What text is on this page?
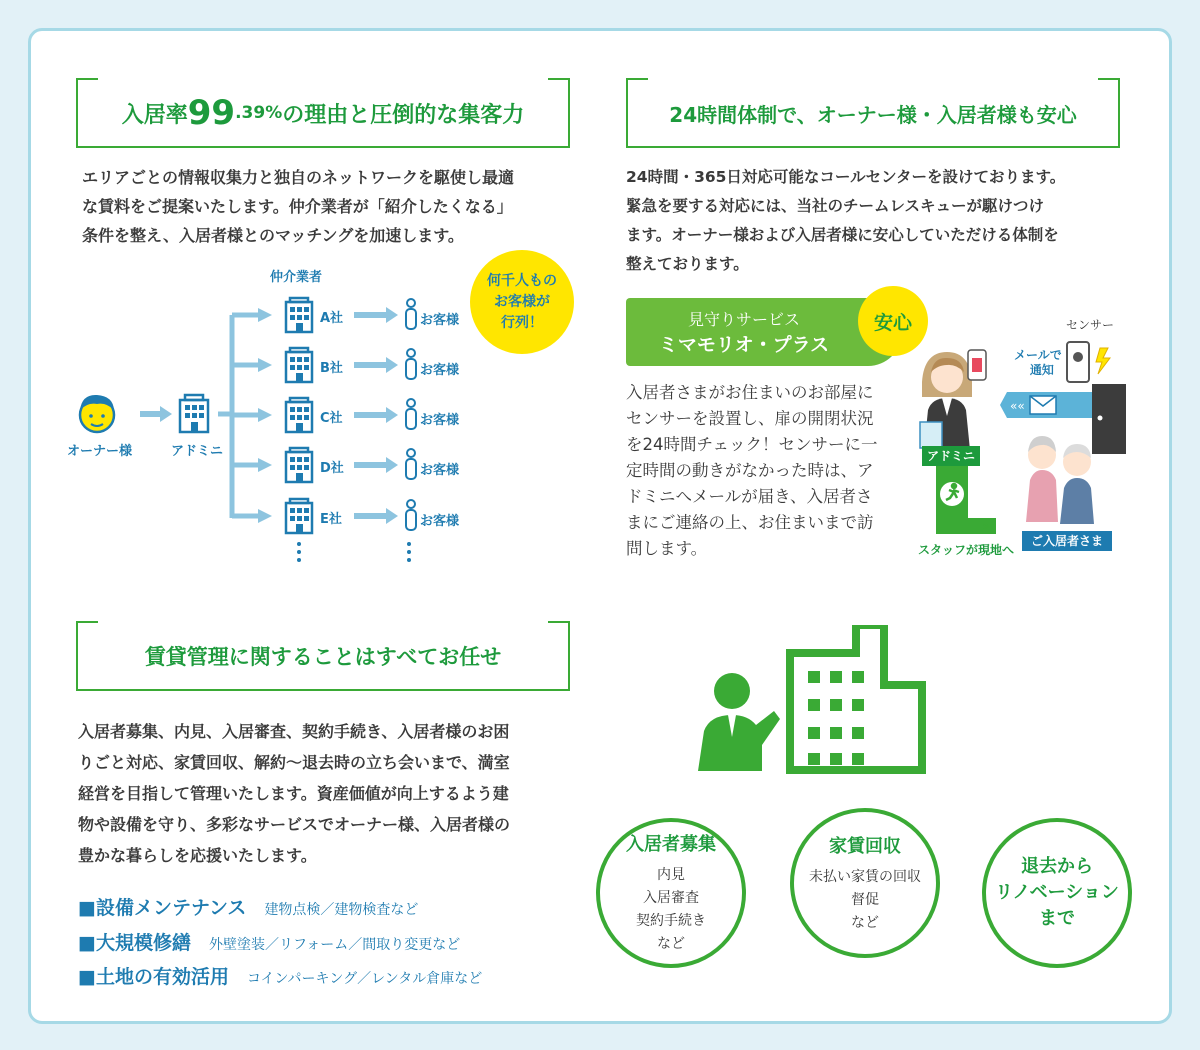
入居率 99 .39% の理由と圧倒的な集客力
エリアごとの情報収集力と独自のネットワークを駆使し最適
な賃料をご提案いたします。仲介業者が「紹介したくなる」
条件を整え、入居者様とのマッチングを加速します。
仲介業者
オーナー様	アドミニ
A社
B社
C社
D社
E社
お客様
お客様
お客様
お客様
お客様
何千人もの
お客様が
行列！
24時間体制で、オーナー様・入居者様も安心
24時間・365日対応可能なコールセンターを設けております。
緊急を要する対応には、当社のチームレスキューが駆けつけ
ます。オーナー様および入居者様に安心していただける体制を
整えております。
見守りサービス
ミマモリオ・プラス
安心
入居者さまがお住まいのお部屋に
センサーを設置し、扉の開閉状況
を24時間チェック！センサーに一
定時間の動きがなかった時は、ア
ドミニへメールが届き、入居者さ
まにご連絡の上、お住まいまで訪
問します。
««
»
センサー
メールで
通知
アドミニ
スタッフが現地へ
ご入居者さま
賃貸管理に関することはすべてお任せ
入居者募集、内見、入居審査、契約手続き、入居者様のお困
りごと対応、家賃回収、解約〜退去時の立ち会いまで、満室
経営を目指して管理いたします。資産価値が向上するよう建
物や設備を守り、多彩なサービスでオーナー様、入居者様の
豊かな暮らしを応援いたします。
■設備メンテナンス 建物点検／建物検査など
■大規模修繕 外壁塗装／リフォーム／間取り変更など
■土地の有効活用 コインパーキング／レンタル倉庫など
入居者募集
内見
入居審査
契約手続き
など
家賃回収
未払い家賃の回収
督促
など
退去から
リノベーション
まで
